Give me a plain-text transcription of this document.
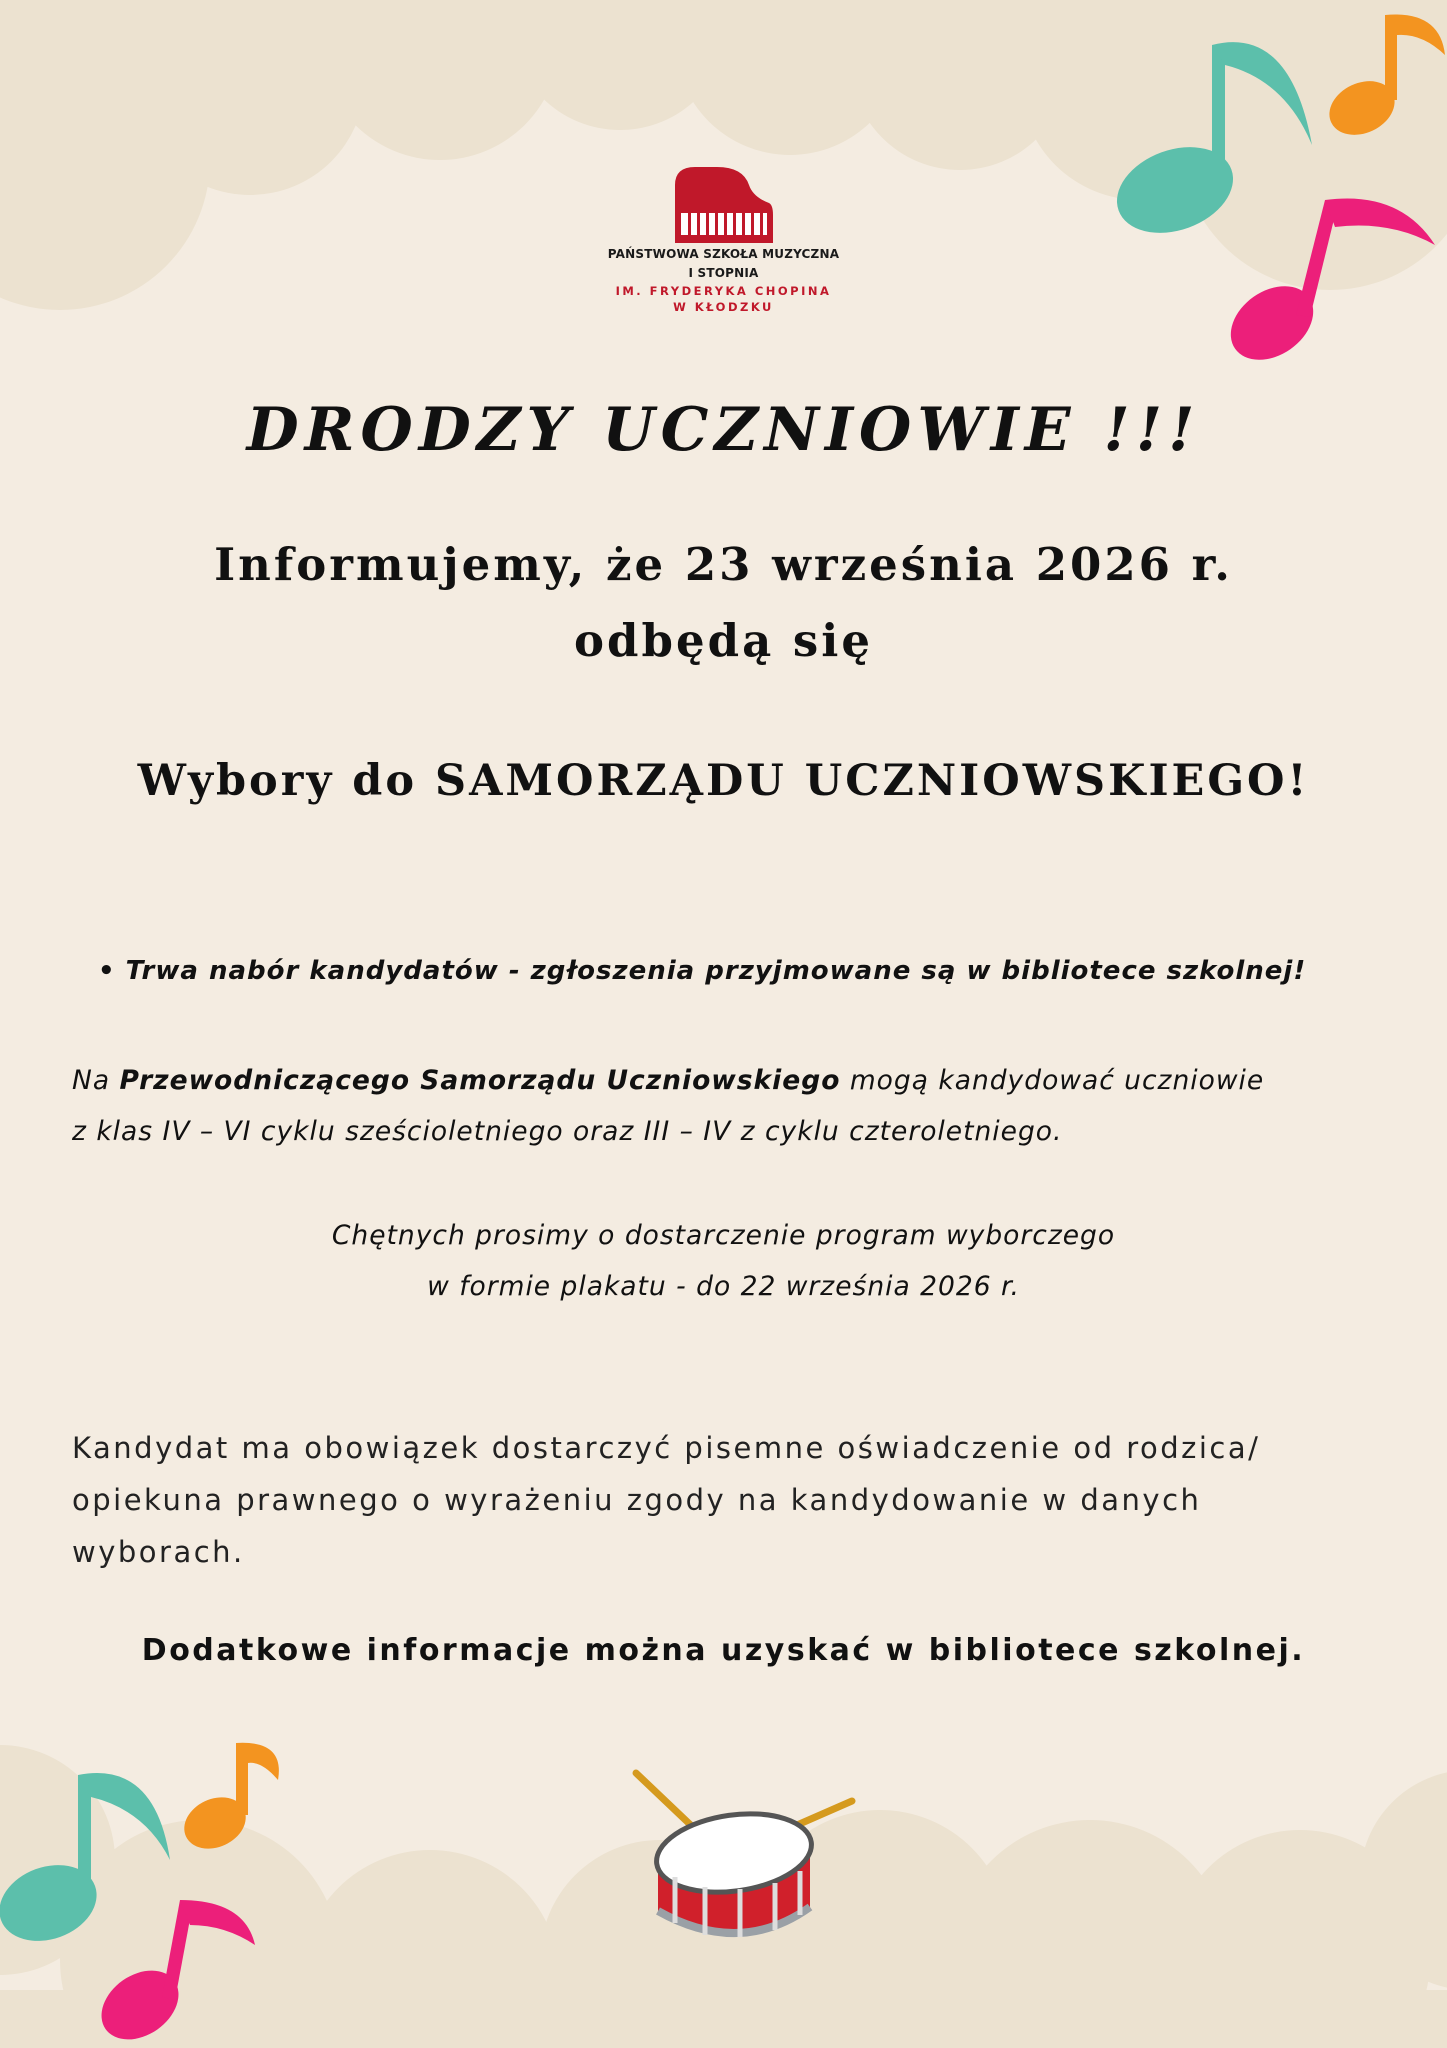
PAŃSTWOWA SZKOŁA MUZYCZNA
I STOPNIA
IM. FRYDERYKA CHOPINA
W KŁODZKU
DRODZY UCZNIOWIE !!!
Informujemy, że 23 września 2026 r.
odbędą się
Wybory do SAMORZĄDU UCZNIOWSKIEGO!
• Trwa nabór kandydatów - zgłoszenia przyjmowane są w bibliotece szkolnej!
Na Przewodniczącego Samorządu Uczniowskiego mogą kandydować uczniowie
z klas IV – VI cyklu sześcioletniego oraz III – IV z cyklu czteroletniego.
Chętnych prosimy o dostarczenie program wyborczego
w formie plakatu - do 22 września 2026 r.
Kandydat ma obowiązek dostarczyć pisemne oświadczenie od rodzica/
opiekuna prawnego o wyrażeniu zgody na kandydowanie w danych
wyborach.
Dodatkowe informacje można uzyskać w bibliotece szkolnej.
